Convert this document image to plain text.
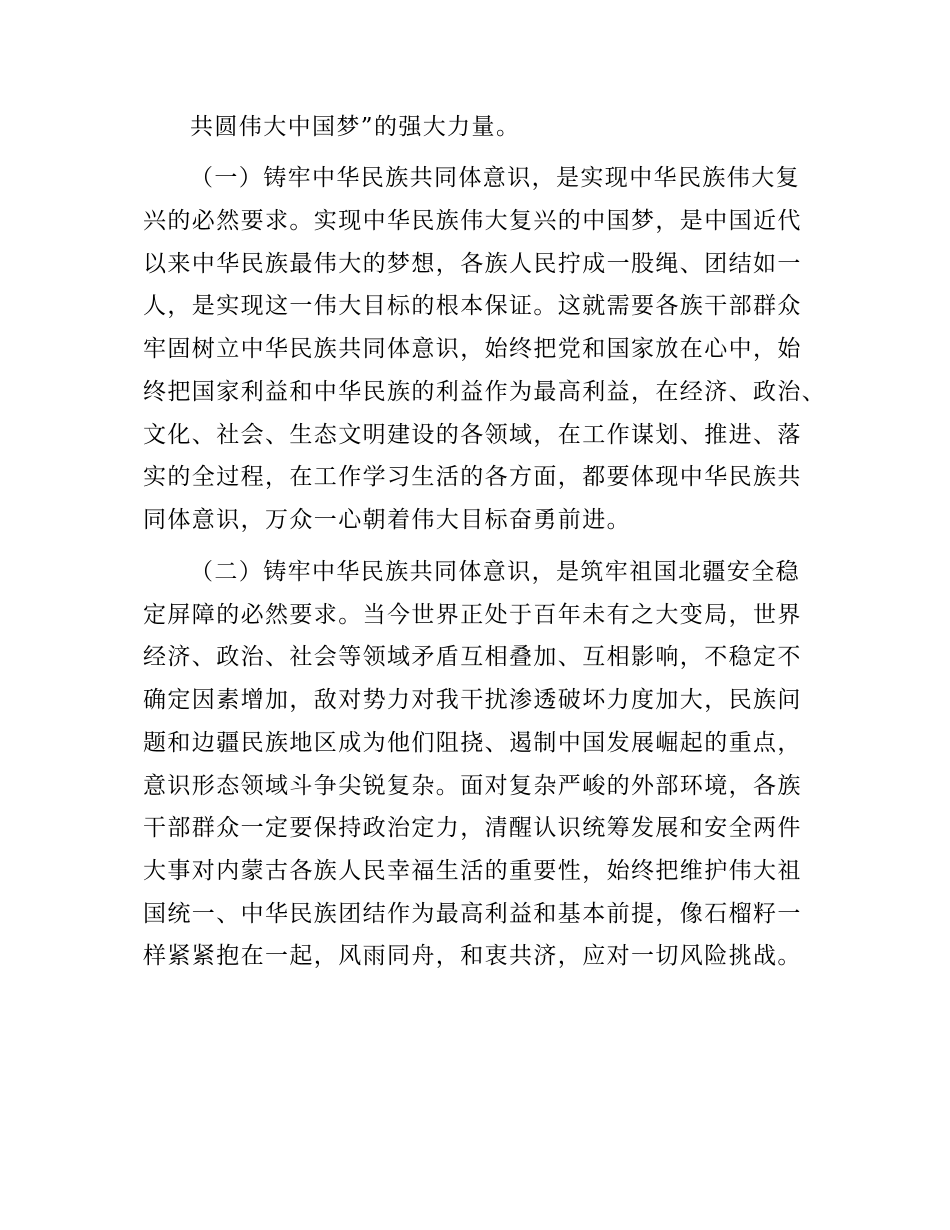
共圆伟大中国梦”的强大力量。
（一）铸牢中华民族共同体意识，是实现中华民族伟大复
兴的必然要求。实现中华民族伟大复兴的中国梦，是中国近代
以来中华民族最伟大的梦想，各族人民拧成一股绳、团结如一
人，是实现这一伟大目标的根本保证。这就需要各族干部群众
牢固树立中华民族共同体意识，始终把党和国家放在心中，始
终把国家利益和中华民族的利益作为最高利益，在经济、政治、
文化、社会、生态文明建设的各领域，在工作谋划、推进、落
实的全过程，在工作学习生活的各方面，都要体现中华民族共
同体意识，万众一心朝着伟大目标奋勇前进。
（二）铸牢中华民族共同体意识，是筑牢祖国北疆安全稳
定屏障的必然要求。当今世界正处于百年未有之大变局，世界
经济、政治、社会等领域矛盾互相叠加、互相影响，不稳定不
确定因素增加，敌对势力对我干扰渗透破坏力度加大，民族问
题和边疆民族地区成为他们阻挠、遏制中国发展崛起的重点，
意识形态领域斗争尖锐复杂。面对复杂严峻的外部环境，各族
干部群众一定要保持政治定力，清醒认识统筹发展和安全两件
大事对内蒙古各族人民幸福生活的重要性，始终把维护伟大祖
国统一、中华民族团结作为最高利益和基本前提，像石榴籽一
样紧紧抱在一起，风雨同舟，和衷共济，应对一切风险挑战。
